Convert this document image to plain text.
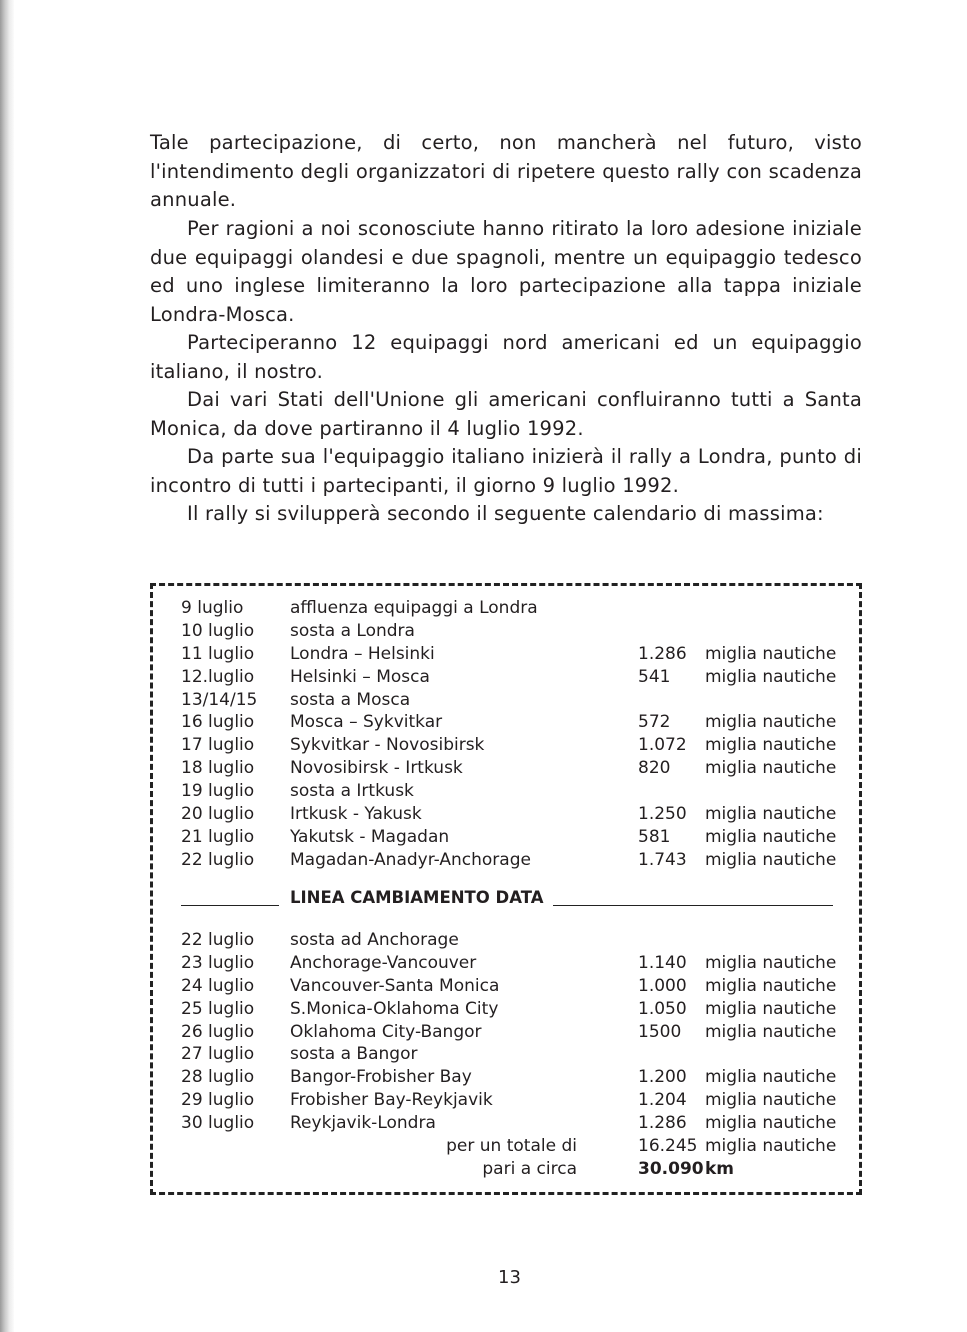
Tale partecipazione, di certo, non mancherà nel futuro, visto l'intendimento degli organizzatori di ripetere questo rally con scadenza annuale.

Per ragioni a noi sconosciute hanno ritirato la loro adesione iniziale due equipaggi olandesi e due spagnoli, mentre un equipaggio tedesco ed uno inglese limiteranno la loro partecipazione alla tappa iniziale Londra-Mosca.

Parteciperanno 12 equipaggi nord americani ed un equipaggio italiano, il nostro.

Dai vari Stati dell'Unione gli americani confluiranno tutti a Santa Monica, da dove partiranno il 4 luglio 1992.

Da parte sua l'equipaggio italiano inizierà il rally a Londra, punto di incontro di tutti i partecipanti, il giorno 9 luglio 1992.

Il rally si svilupperà secondo il seguente calendario di massima:

9 luglio	affluenza equipaggi a Londra
10 luglio sosta a Londra
11 luglio Londra – Helsinki	1.286 miglia nautiche
12.luglio Helsinki – Mosca	541 miglia nautiche
13/14/15 sosta a Mosca
16 luglio Mosca – Sykvitkar	572 miglia nautiche
17 luglio Sykvitkar - Novosibirsk	1.072 miglia nautiche
18 luglio Novosibirsk - Irtkusk	820 miglia nautiche
19 luglio sosta a Irtkusk
20 luglio Irtkusk - Yakusk	1.250 miglia nautiche
21 luglio Yakutsk - Magadan	581 miglia nautiche
22 luglio Magadan-Anadyr-Anchorage	1.743 miglia nautiche
LINEA CAMBIAMENTO DATA
22 luglio sosta ad Anchorage
23 luglio Anchorage-Vancouver	1.140 miglia nautiche
24 luglio Vancouver-Santa Monica	1.000 miglia nautiche
25 luglio S.Monica-Oklahoma City	1.050 miglia nautiche
26 luglio Oklahoma City-Bangor	1500 miglia nautiche
27 luglio sosta a Bangor
28 luglio Bangor-Frobisher Bay	1.200 miglia nautiche
29 luglio Frobisher Bay-Reykjavik	1.204 miglia nautiche
30 luglio Reykjavik-Londra	1.286 miglia nautiche
per un totale di	16.245 miglia nautiche
pari a circa	30.090 km
13
